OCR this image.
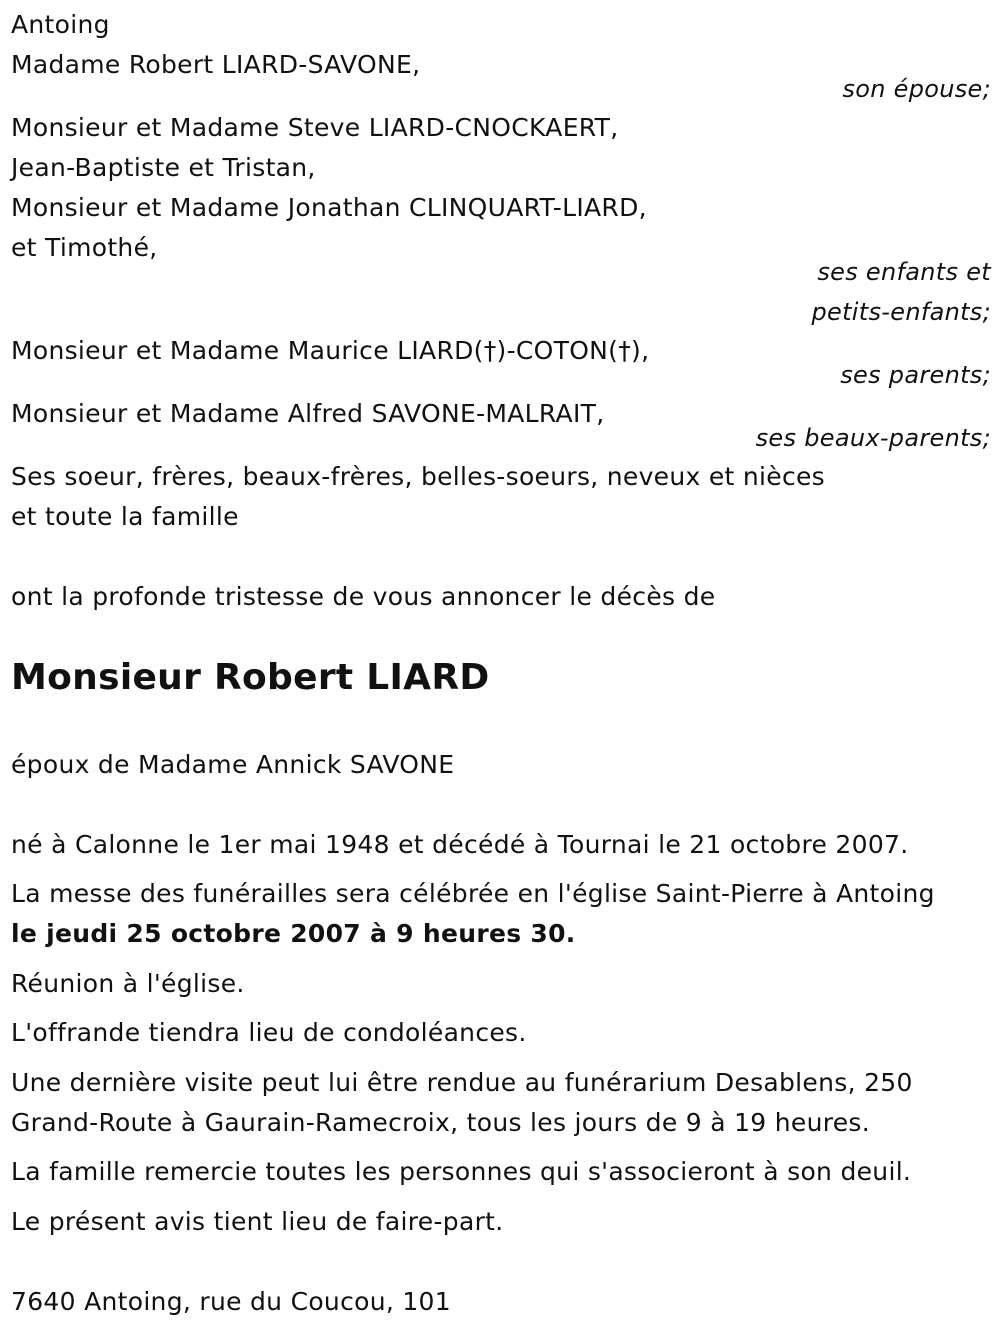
Antoing
Madame Robert LIARD-SAVONE,
son épouse;
Monsieur et Madame Steve LIARD-CNOCKAERT,
Jean-Baptiste et Tristan,
Monsieur et Madame Jonathan CLINQUART-LIARD,
et Timothé,
ses enfants et
petits-enfants;
Monsieur et Madame Maurice LIARD(†)-COTON(†),
ses parents;
Monsieur et Madame Alfred SAVONE-MALRAIT,
ses beaux-parents;
Ses soeur, frères, beaux-frères, belles-soeurs, neveux et nièces
et toute la famille
ont la profonde tristesse de vous annoncer le décès de
Monsieur Robert LIARD
époux de Madame Annick SAVONE
né à Calonne le 1er mai 1948 et décédé à Tournai le 21 octobre 2007.
La messe des funérailles sera célébrée en l'église Saint-Pierre à Antoing
le jeudi 25 octobre 2007 à 9 heures 30.
Réunion à l'église.
L'offrande tiendra lieu de condoléances.
Une dernière visite peut lui être rendue au funérarium Desablens, 250
Grand-Route à Gaurain-Ramecroix, tous les jours de 9 à 19 heures.
La famille remercie toutes les personnes qui s'associeront à son deuil.
Le présent avis tient lieu de faire-part.
7640 Antoing, rue du Coucou, 101
